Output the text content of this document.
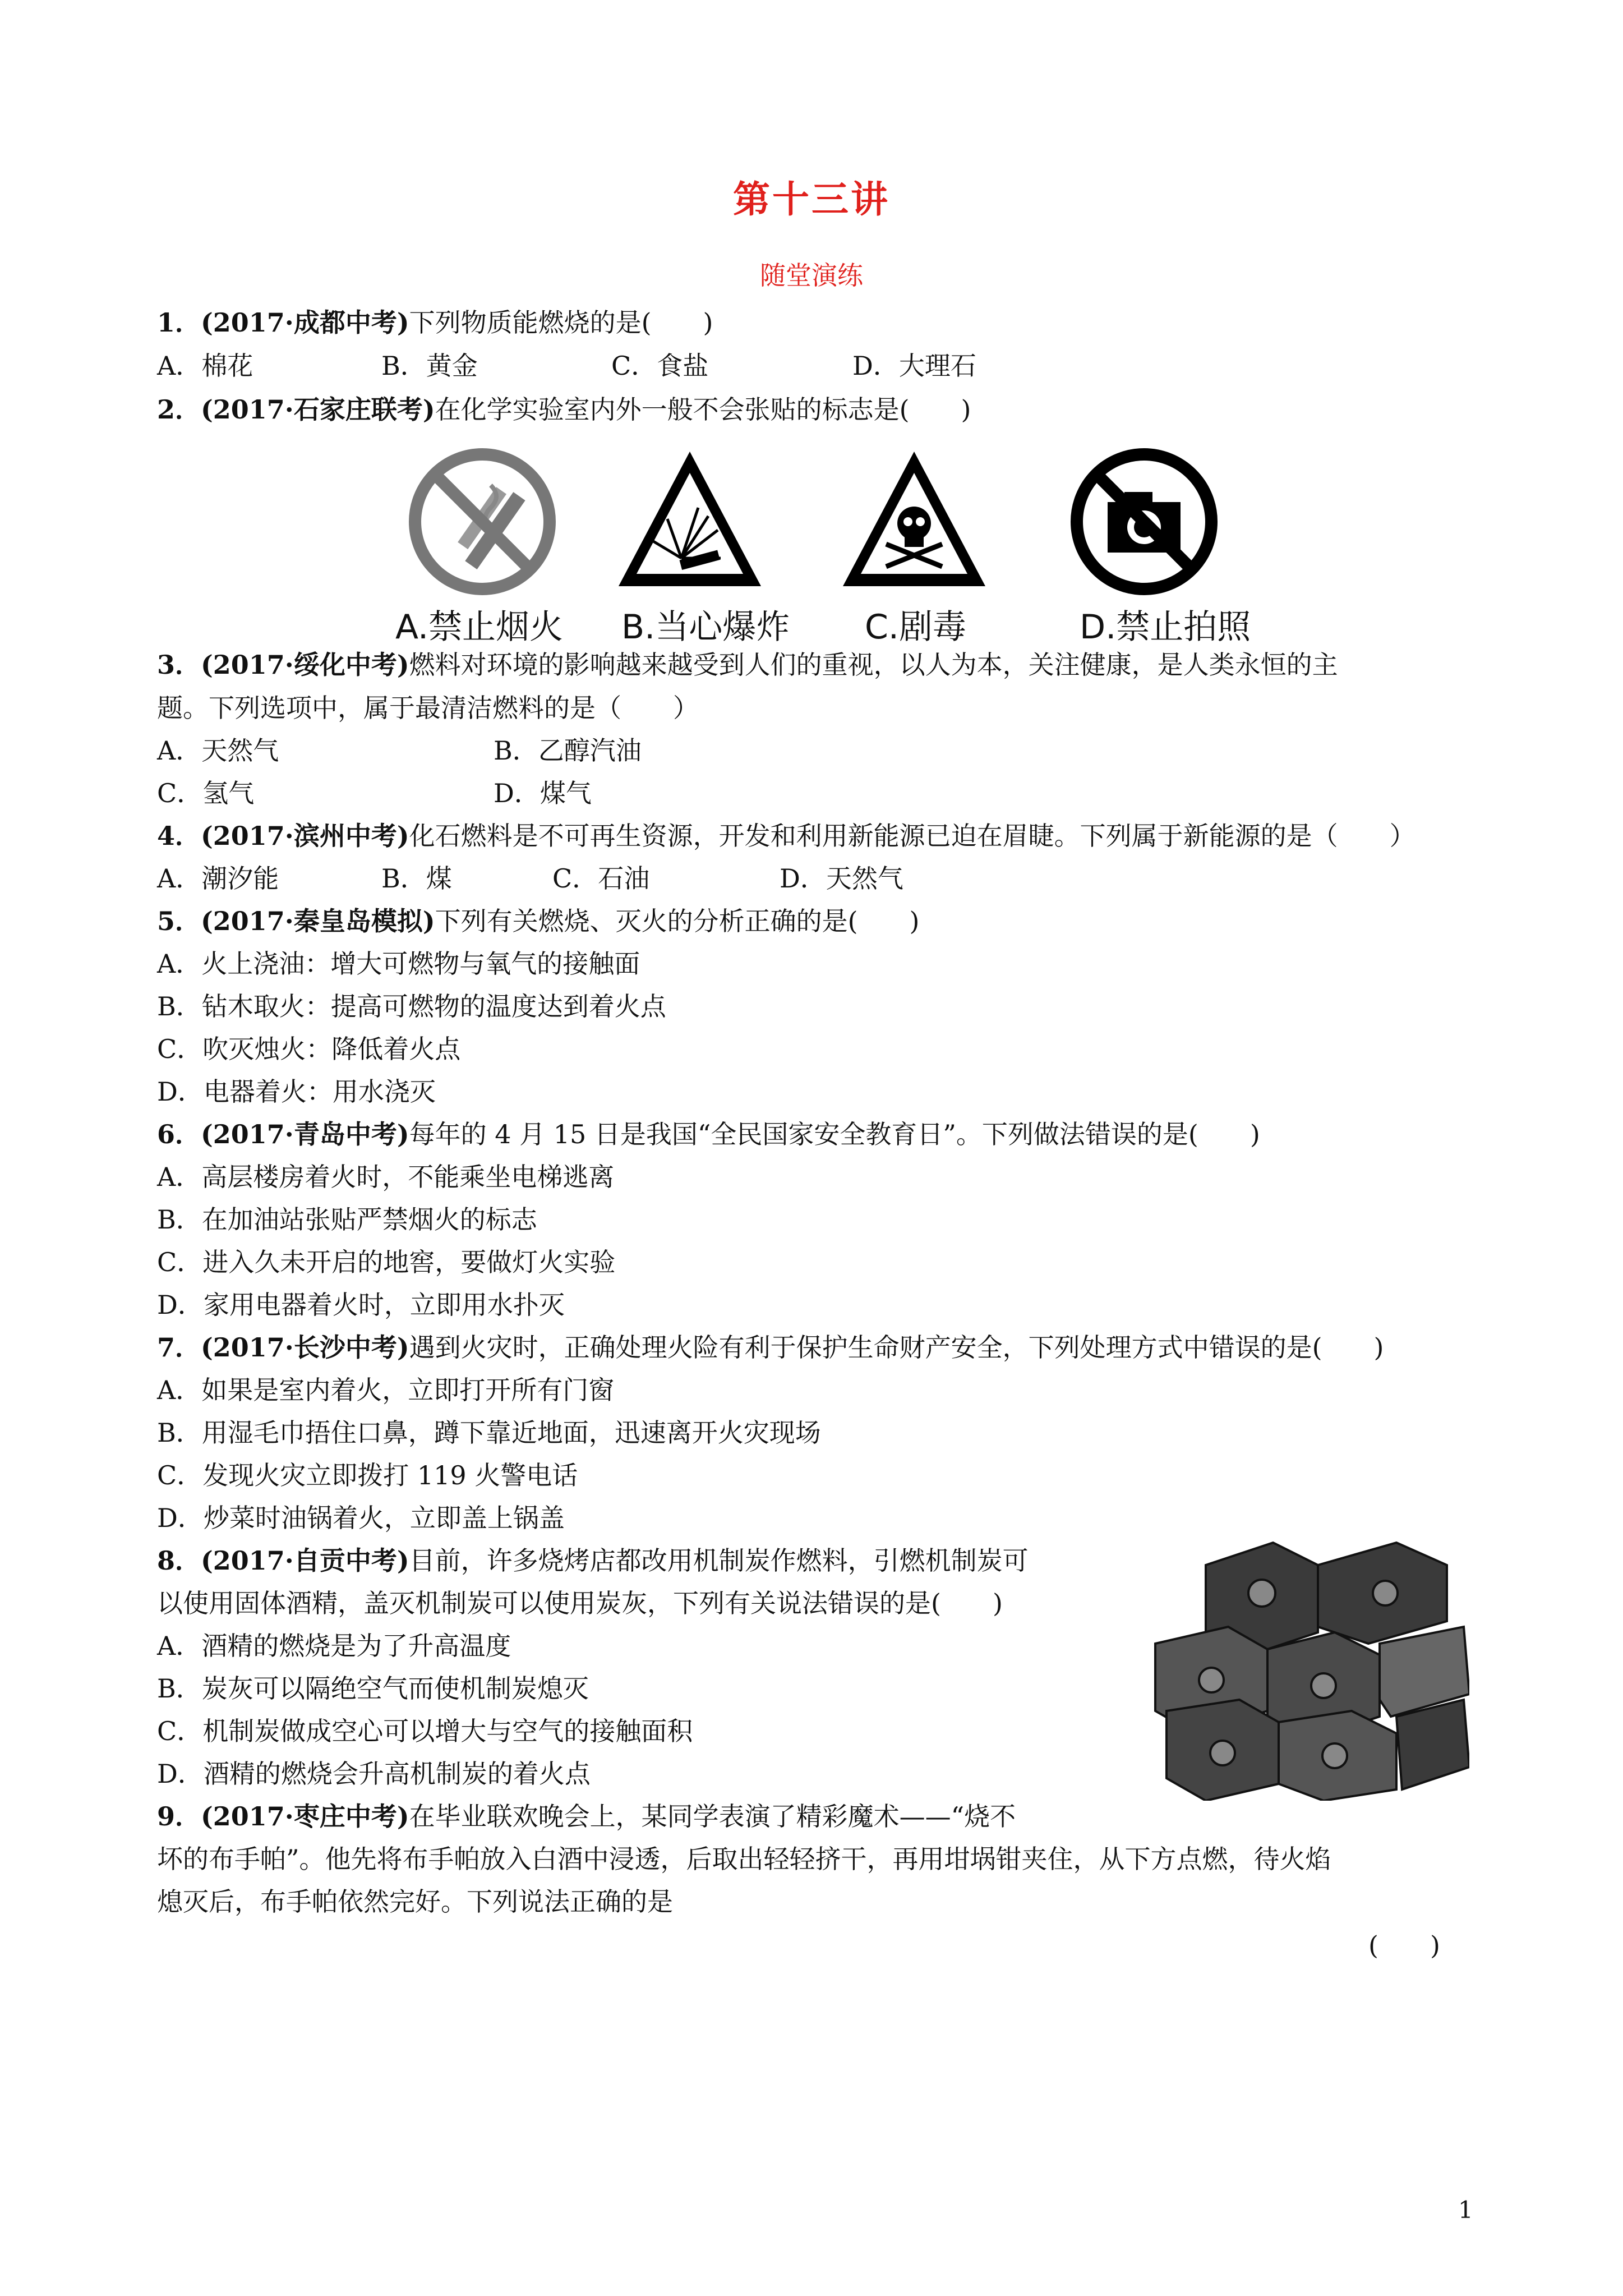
第十三讲
随堂演练
1．(2017·成都中考)下列物质能燃烧的是(　　)
A．棉花	B．黄金	C．食盐	D．大理石
2．(2017·石家庄联考)在化学实验室内外一般不会张贴的标志是(　　)
A.禁止烟火 B.当心爆炸 C.剧毒	D.禁止拍照
3．(2017·绥化中考)燃料对环境的影响越来越受到人们的重视，以人为本，关注健康，是人类永恒的主
题。下列选项中，属于最清洁燃料的是（　　）
A．天然气	B．乙醇汽油
C．氢气	D．煤气
4．(2017·滨州中考)化石燃料是不可再生资源，开发和利用新能源已迫在眉睫。下列属于新能源的是（　　）
A．潮汐能	B．煤	C．石油	D．天然气
5．(2017·秦皇岛模拟)下列有关燃烧、灭火的分析正确的是(　　)
A．火上浇油：增大可燃物与氧气的接触面
B．钻木取火：提高可燃物的温度达到着火点
C．吹灭烛火：降低着火点
D．电器着火：用水浇灭
6．(2017·青岛中考)每年的 4 月 15 日是我国“全民国家安全教育日”。下列做法错误的是(　　)
A．高层楼房着火时，不能乘坐电梯逃离
B．在加油站张贴严禁烟火的标志
C．进入久未开启的地窖，要做灯火实验
D．家用电器着火时，立即用水扑灭
7．(2017·长沙中考)遇到火灾时，正确处理火险有利于保护生命财产安全，下列处理方式中错误的是(　　)
A．如果是室内着火，立即打开所有门窗
B．用湿毛巾捂住口鼻，蹲下靠近地面，迅速离开火灾现场
C．发现火灾立即拨打 119 火警电话
D．炒菜时油锅着火，立即盖上锅盖
8．(2017·自贡中考)目前，许多烧烤店都改用机制炭作燃料，引燃机制炭可
以使用固体酒精，盖灭机制炭可以使用炭灰，下列有关说法错误的是(　　)
A．酒精的燃烧是为了升高温度
B．炭灰可以隔绝空气而使机制炭熄灭
C．机制炭做成空心可以增大与空气的接触面积
D．酒精的燃烧会升高机制炭的着火点
9．(2017·枣庄中考)在毕业联欢晚会上，某同学表演了精彩魔术——“烧不
坏的布手帕”。他先将布手帕放入白酒中浸透，后取出轻轻挤干，再用坩埚钳夹住，从下方点燃，待火焰
熄灭后，布手帕依然完好。下列说法正确的是
(　　)
1
